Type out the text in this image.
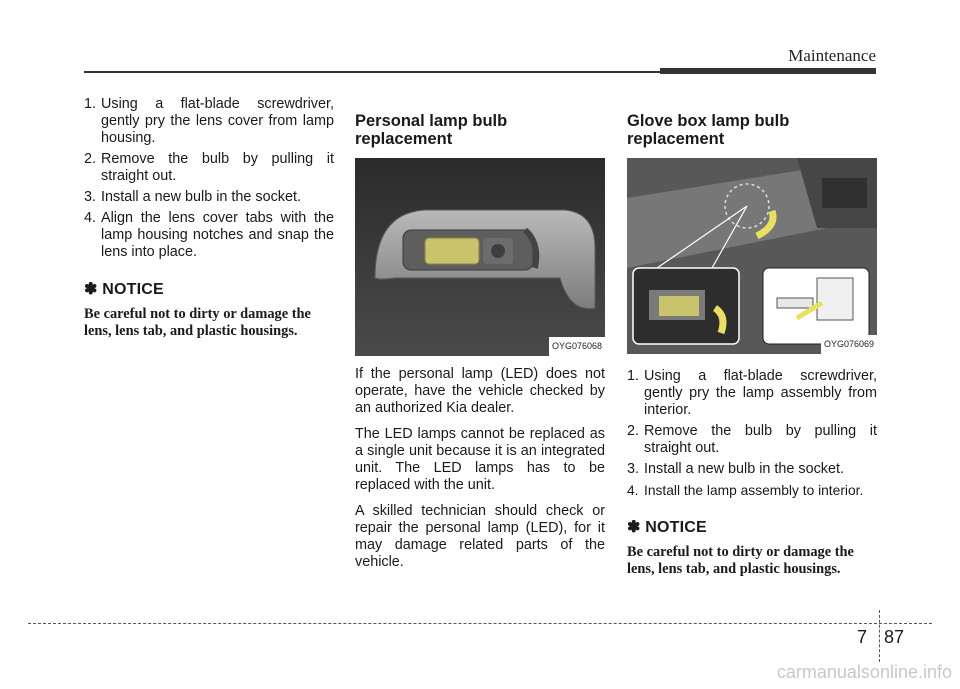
Maintenance
1. Using a flat-blade screwdriver, gently pry the lens cover from lamp housing.
2. Remove the bulb by pulling it straight out.
3. Install a new bulb in the socket.
4. Align the lens cover tabs with the lamp housing notches and snap the lens into place.
✽ NOTICE
Be careful not to dirty or damage the lens, lens tab, and plastic housings.
Personal lamp bulb replacement
OYG076068

If the personal lamp (LED) does not operate, have the vehicle checked by an authorized Kia dealer.

The LED lamps cannot be replaced as a single unit because it is an integrated unit. The LED lamps has to be replaced with the unit.

A skilled technician should check or repair the personal lamp (LED), for it may damage related parts of the vehicle.

Glove box lamp bulb replacement
OYG076069
1. Using a flat-blade screwdriver, gently pry the lamp assembly from interior.
2. Remove the bulb by pulling it straight out.
3. Install a new bulb in the socket.
4. Install the lamp assembly to interior.
✽ NOTICE
Be careful not to dirty or damage the lens, lens tab, and plastic housings.
7 87
carmanualsonline.info
